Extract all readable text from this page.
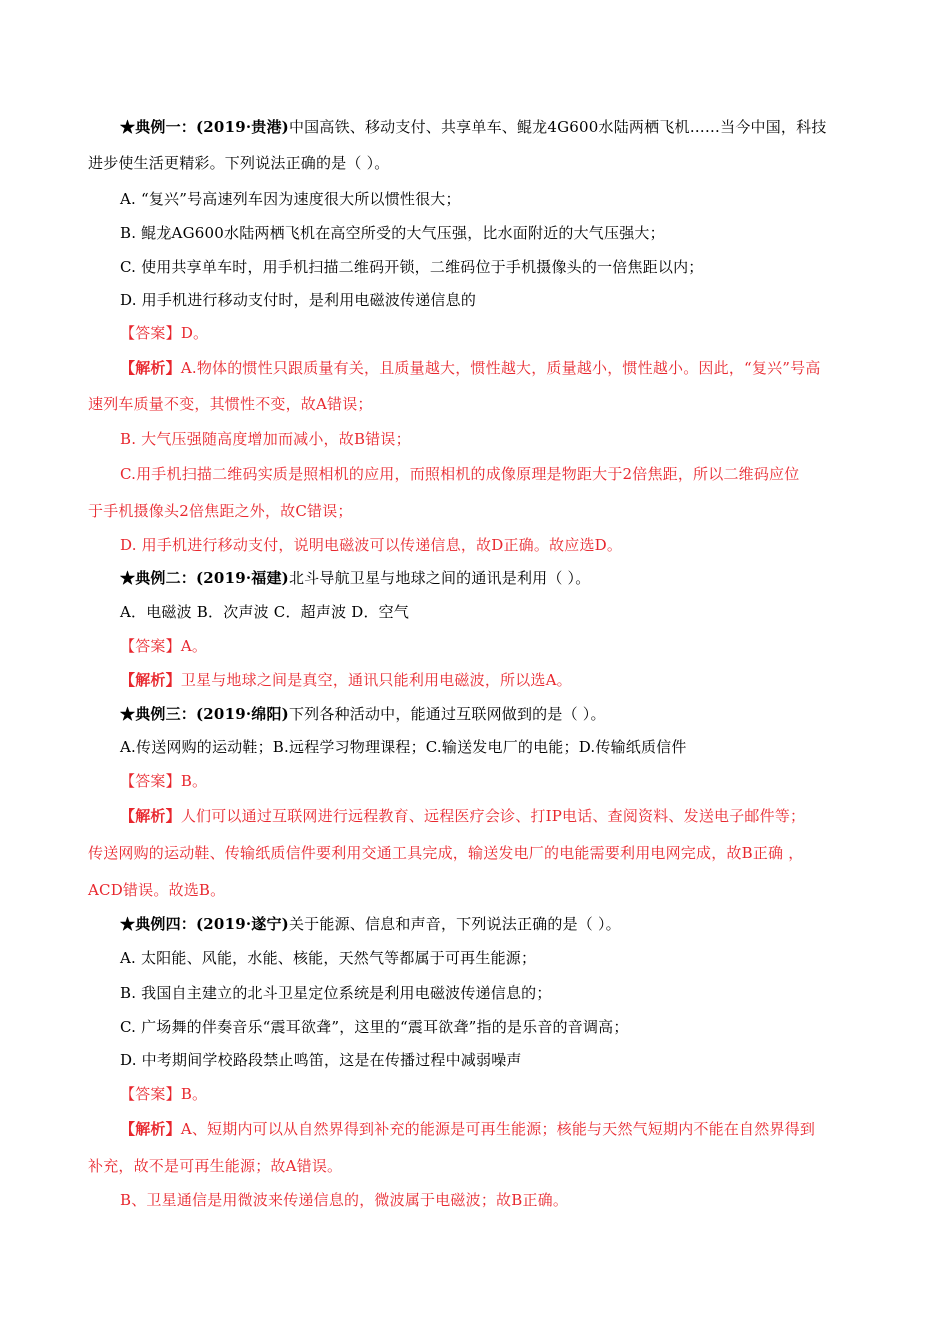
★典例一：(2019·贵港)中国高铁、移动支付、共享单车、鲲龙4G600水陆两栖飞机……当今中国，科技
进步使生活更精彩。下列说法正确的是（ ）。
A. “复兴”号高速列车因为速度很大所以惯性很大；
B. 鲲龙AG600水陆两栖飞机在高空所受的大气压强，比水面附近的大气压强大；
C. 使用共享单车时，用手机扫描二维码开锁，二维码位于手机摄像头的一倍焦距以内；
D. 用手机进行移动支付时，是利用电磁波传递信息的
【答案】D。
【解析】A.物体的惯性只跟质量有关，且质量越大，惯性越大，质量越小，惯性越小。因此，“复兴”号高
速列车质量不变，其惯性不变，故A错误；
B. 大气压强随高度增加而减小，故B错误；
C.用手机扫描二维码实质是照相机的应用，而照相机的成像原理是物距大于2倍焦距，所以二维码应位
于手机摄像头2倍焦距之外，故C错误；
D. 用手机进行移动支付，说明电磁波可以传递信息，故D正确。故应选D。
★典例二：(2019·福建)北斗导航卫星与地球之间的通讯是利用（ ）。
A．电磁波 B．次声波 C．超声波 D．空气
【答案】A。
【解析】卫星与地球之间是真空，通讯只能利用电磁波，所以选A。
★典例三：(2019·绵阳)下列各种活动中，能通过互联网做到的是（ ）。
A.传送网购的运动鞋；B.远程学习物理课程；C.输送发电厂的电能；D.传输纸质信件
【答案】B。
【解析】人们可以通过互联网进行远程教育、远程医疗会诊、打IP电话、查阅资料、发送电子邮件等；
传送网购的运动鞋、传输纸质信件要利用交通工具完成，输送发电厂的电能需要利用电网完成，故B正确 ，
ACD错误。故选B。
★典例四：(2019·遂宁)关于能源、信息和声音，下列说法正确的是（ ）。
A. 太阳能、风能，水能、核能，天然气等都属于可再生能源；
B. 我国自主建立的北斗卫星定位系统是利用电磁波传递信息的；
C. 广场舞的伴奏音乐“震耳欲聋”，这里的“震耳欲聋”指的是乐音的音调高；
D. 中考期间学校路段禁止鸣笛，这是在传播过程中减弱噪声
【答案】B。
【解析】A、短期内可以从自然界得到补充的能源是可再生能源；核能与天然气短期内不能在自然界得到
补充，故不是可再生能源；故A错误。
B、卫星通信是用微波来传递信息的，微波属于电磁波；故B正确。
